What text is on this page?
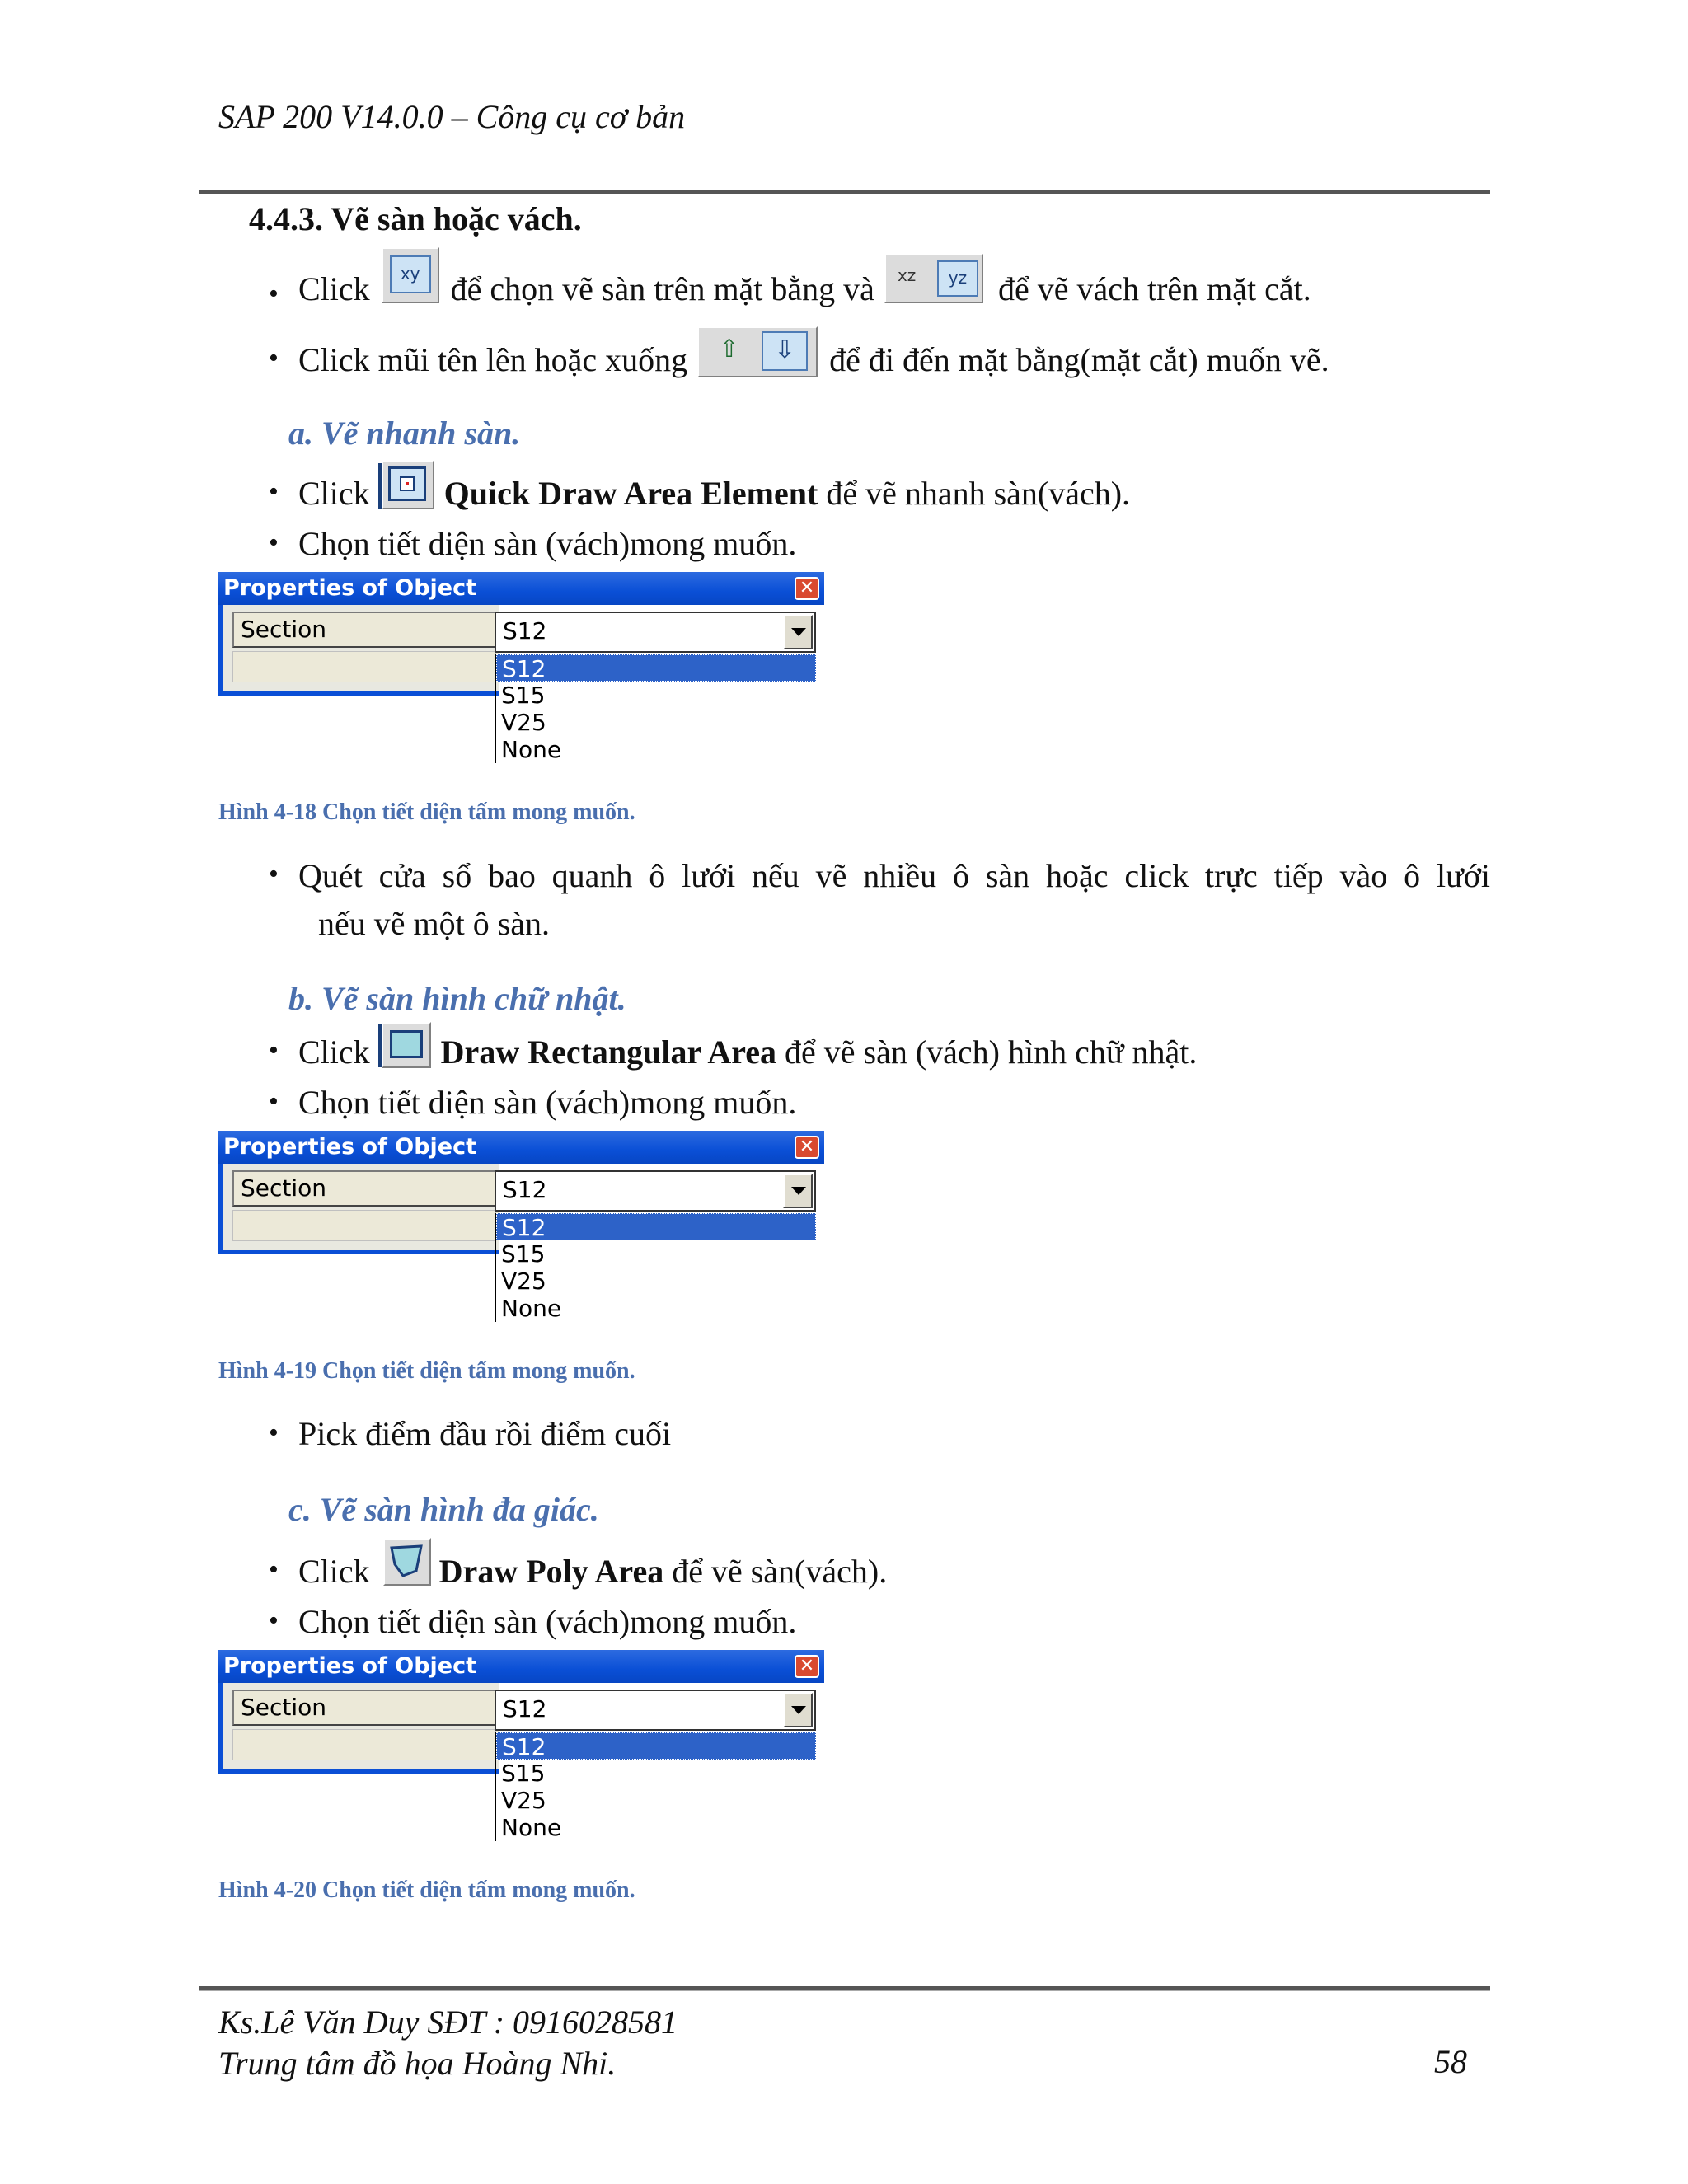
SAP 200 V14.0.0 – Công cụ cơ bản
4.4.3. Vẽ sàn hoặc vách.
• Click	xy để chọn vẽ sàn trên mặt bằng và xz	yz để vẽ vách trên mặt cắt.
• Click mũi tên lên hoặc xuống ⇧	⇩	để đi đến mặt bằng(mặt cắt) muốn vẽ.
a. Vẽ nhanh sàn.
• Click Quick Draw Area Element để vẽ nhanh sàn(vách).
• Chọn tiết diện sàn (vách)mong muốn.
Properties of Object	✕
Section	S12
S12
S15
V25
None
Hình 4-18 Chọn tiết diện tấm mong muốn.
• Quét cửa sổ bao quanh ô lưới nếu vẽ nhiều ô sàn hoặc click trực tiếp vào ô lưới
nếu vẽ một ô sàn.
b. Vẽ sàn hình chữ nhật.
• Click Draw Rectangular Area để vẽ sàn (vách) hình chữ nhật.
• Chọn tiết diện sàn (vách)mong muốn.
Properties of Object	✕
Section	S12
S12
S15
V25
None
Hình 4-19 Chọn tiết diện tấm mong muốn.
• Pick điểm đầu rồi điểm cuối
c. Vẽ sàn hình đa giác.
• Click Draw Poly Area để vẽ sàn(vách).
• Chọn tiết diện sàn (vách)mong muốn.
Properties of Object	✕
Section	S12
S12
S15
V25
None
Hình 4-20 Chọn tiết diện tấm mong muốn.
Ks.Lê Văn Duy SĐT : 0916028581
Trung tâm đồ họa Hoàng Nhi.	58
